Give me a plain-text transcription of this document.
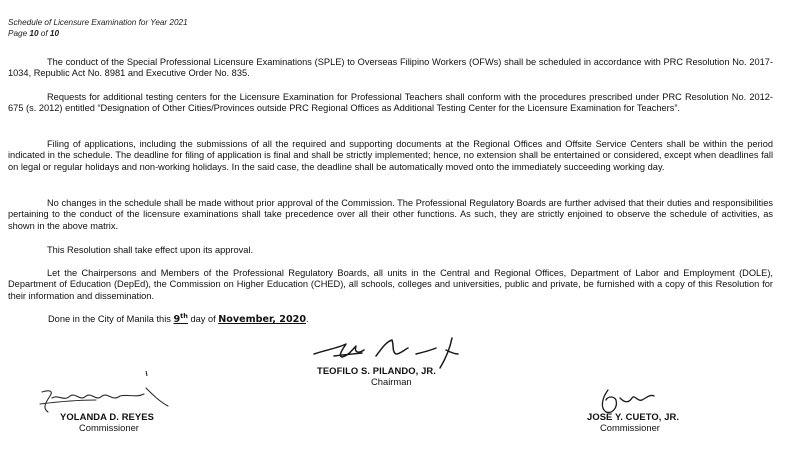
Schedule of Licensure Examination for Year 2021
Page 10 of 10

The conduct of the Special Professional Licensure Examinations (SPLE) to Overseas Filipino Workers (OFWs) shall be scheduled in accordance with PRC Resolution No. 2017-1034, Republic Act No. 8981 and Executive Order No. 835.

Requests for additional testing centers for the Licensure Examination for Professional Teachers shall conform with the procedures prescribed under PRC Resolution No. 2012-675 (s. 2012) entitled “Designation of Other Cities/Provinces outside PRC Regional Offices as Additional Testing Center for the Licensure Examination for Teachers”.

Filing of applications, including the submissions of all the required and supporting documents at the Regional Offices and Offsite Service Centers shall be within the period indicated in the schedule. The deadline for filing of application is final and shall be strictly implemented; hence, no extension shall be entertained or considered, except when deadlines fall on legal or regular holidays and non-working holidays. In the said case, the deadline shall be automatically moved onto the immediately succeeding working day.

No changes in the schedule shall be made without prior approval of the Commission. The Professional Regulatory Boards are further advised that their duties and responsibilities pertaining to the conduct of the licensure examinations shall take precedence over all their other functions. As such, they are strictly enjoined to observe the schedule of activities, as shown in the above matrix.

This Resolution shall take effect upon its approval.

Let the Chairpersons and Members of the Professional Regulatory Boards, all units in the Central and Regional Offices, Department of Labor and Employment (DOLE), Department of Education (DepEd), the Commission on Higher Education (CHED), all schools, colleges and universities, public and private, be furnished with a copy of this Resolution for their information and dissemination.

Done in the City of Manila this 9th day of November, 2020.
TEOFILO S. PILANDO, JR.
Chairman
YOLANDA D. REYES
Commissioner
JOSE Y. CUETO, JR.
Commissioner
